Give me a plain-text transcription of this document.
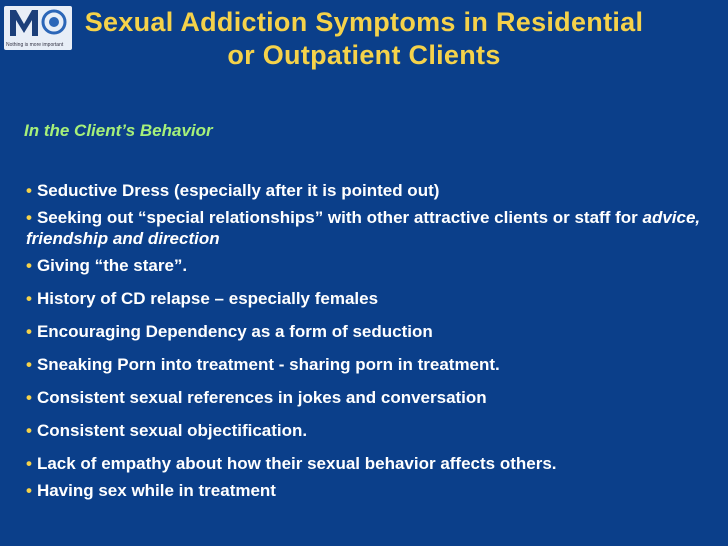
Nothing is more important
Sexual Addiction Symptoms in Residential
or Outpatient Clients
In the Client’s Behavior
• Seductive Dress (especially after it is pointed out)
• Seeking out “special relationships” with other attractive clients or staff for advice, friendship and direction
• Giving “the stare”.
• History of CD relapse – especially females
• Encouraging Dependency as a form of seduction
• Sneaking Porn into treatment - sharing porn in treatment.
• Consistent sexual references in jokes and conversation
• Consistent sexual objectification.
• Lack of empathy about how their sexual behavior affects others.
• Having sex while in treatment
